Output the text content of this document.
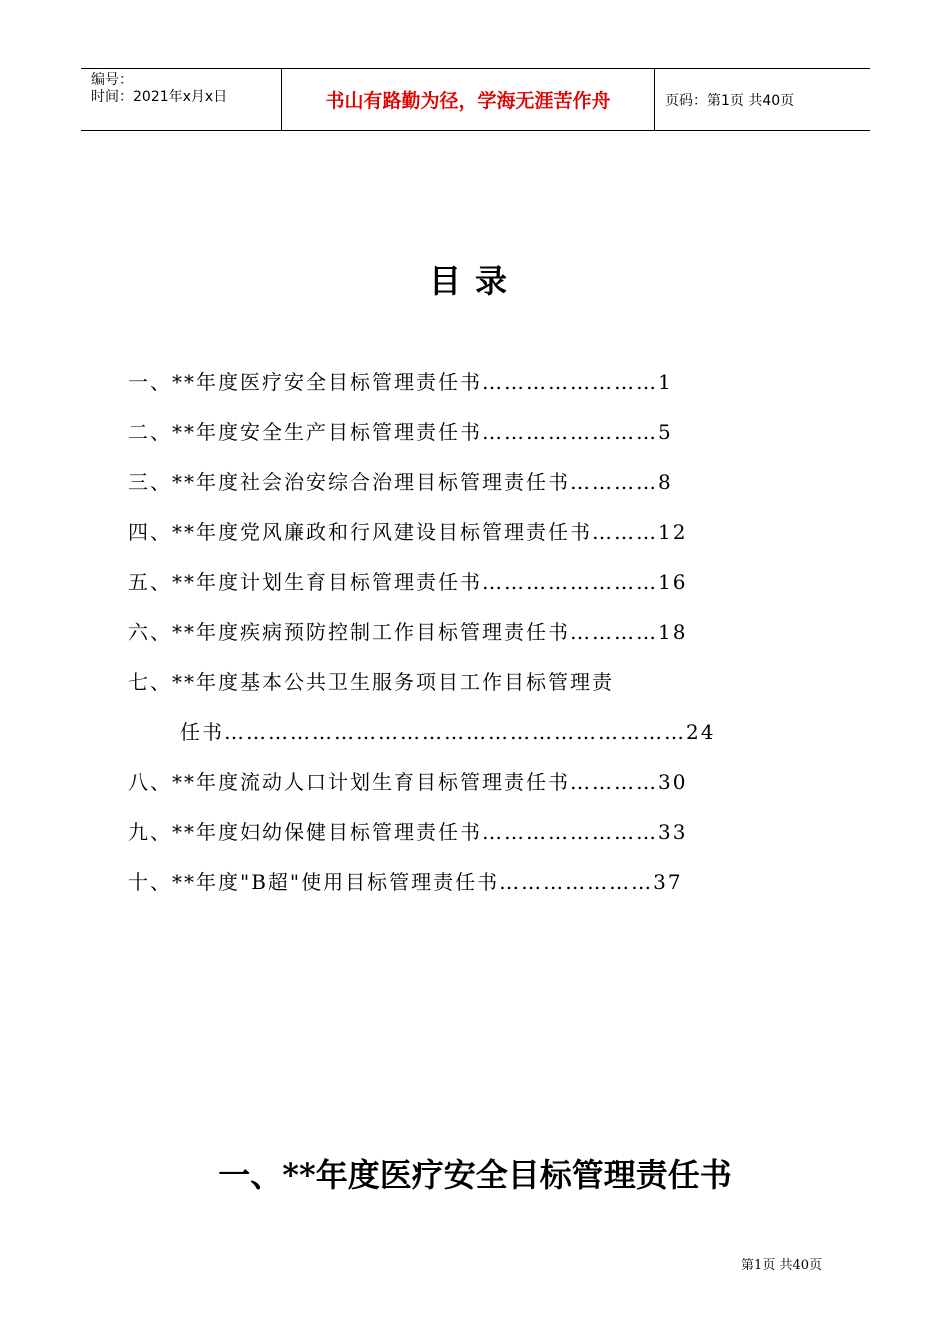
编号：
时间：2021年x月x日	书山有路勤为径，学海无涯苦作舟	页码：第1页 共40页
目录
一、**年度医疗安全目标管理责任书……………………1
二、**年度安全生产目标管理责任书……………………5
三、**年度社会治安综合治理目标管理责任书…………8
四、**年度党风廉政和行风建设目标管理责任书………12
五、**年度计划生育目标管理责任书……………………16
六、**年度疾病预防控制工作目标管理责任书…………18
七、**年度基本公共卫生服务项目工作目标管理责
任书………………………………………………………24
八、**年度流动人口计划生育目标管理责任书…………30
九、**年度妇幼保健目标管理责任书……………………33
十、**年度"B超"使用目标管理责任书…………………37
一、**年度医疗安全目标管理责任书
第1页 共40页
